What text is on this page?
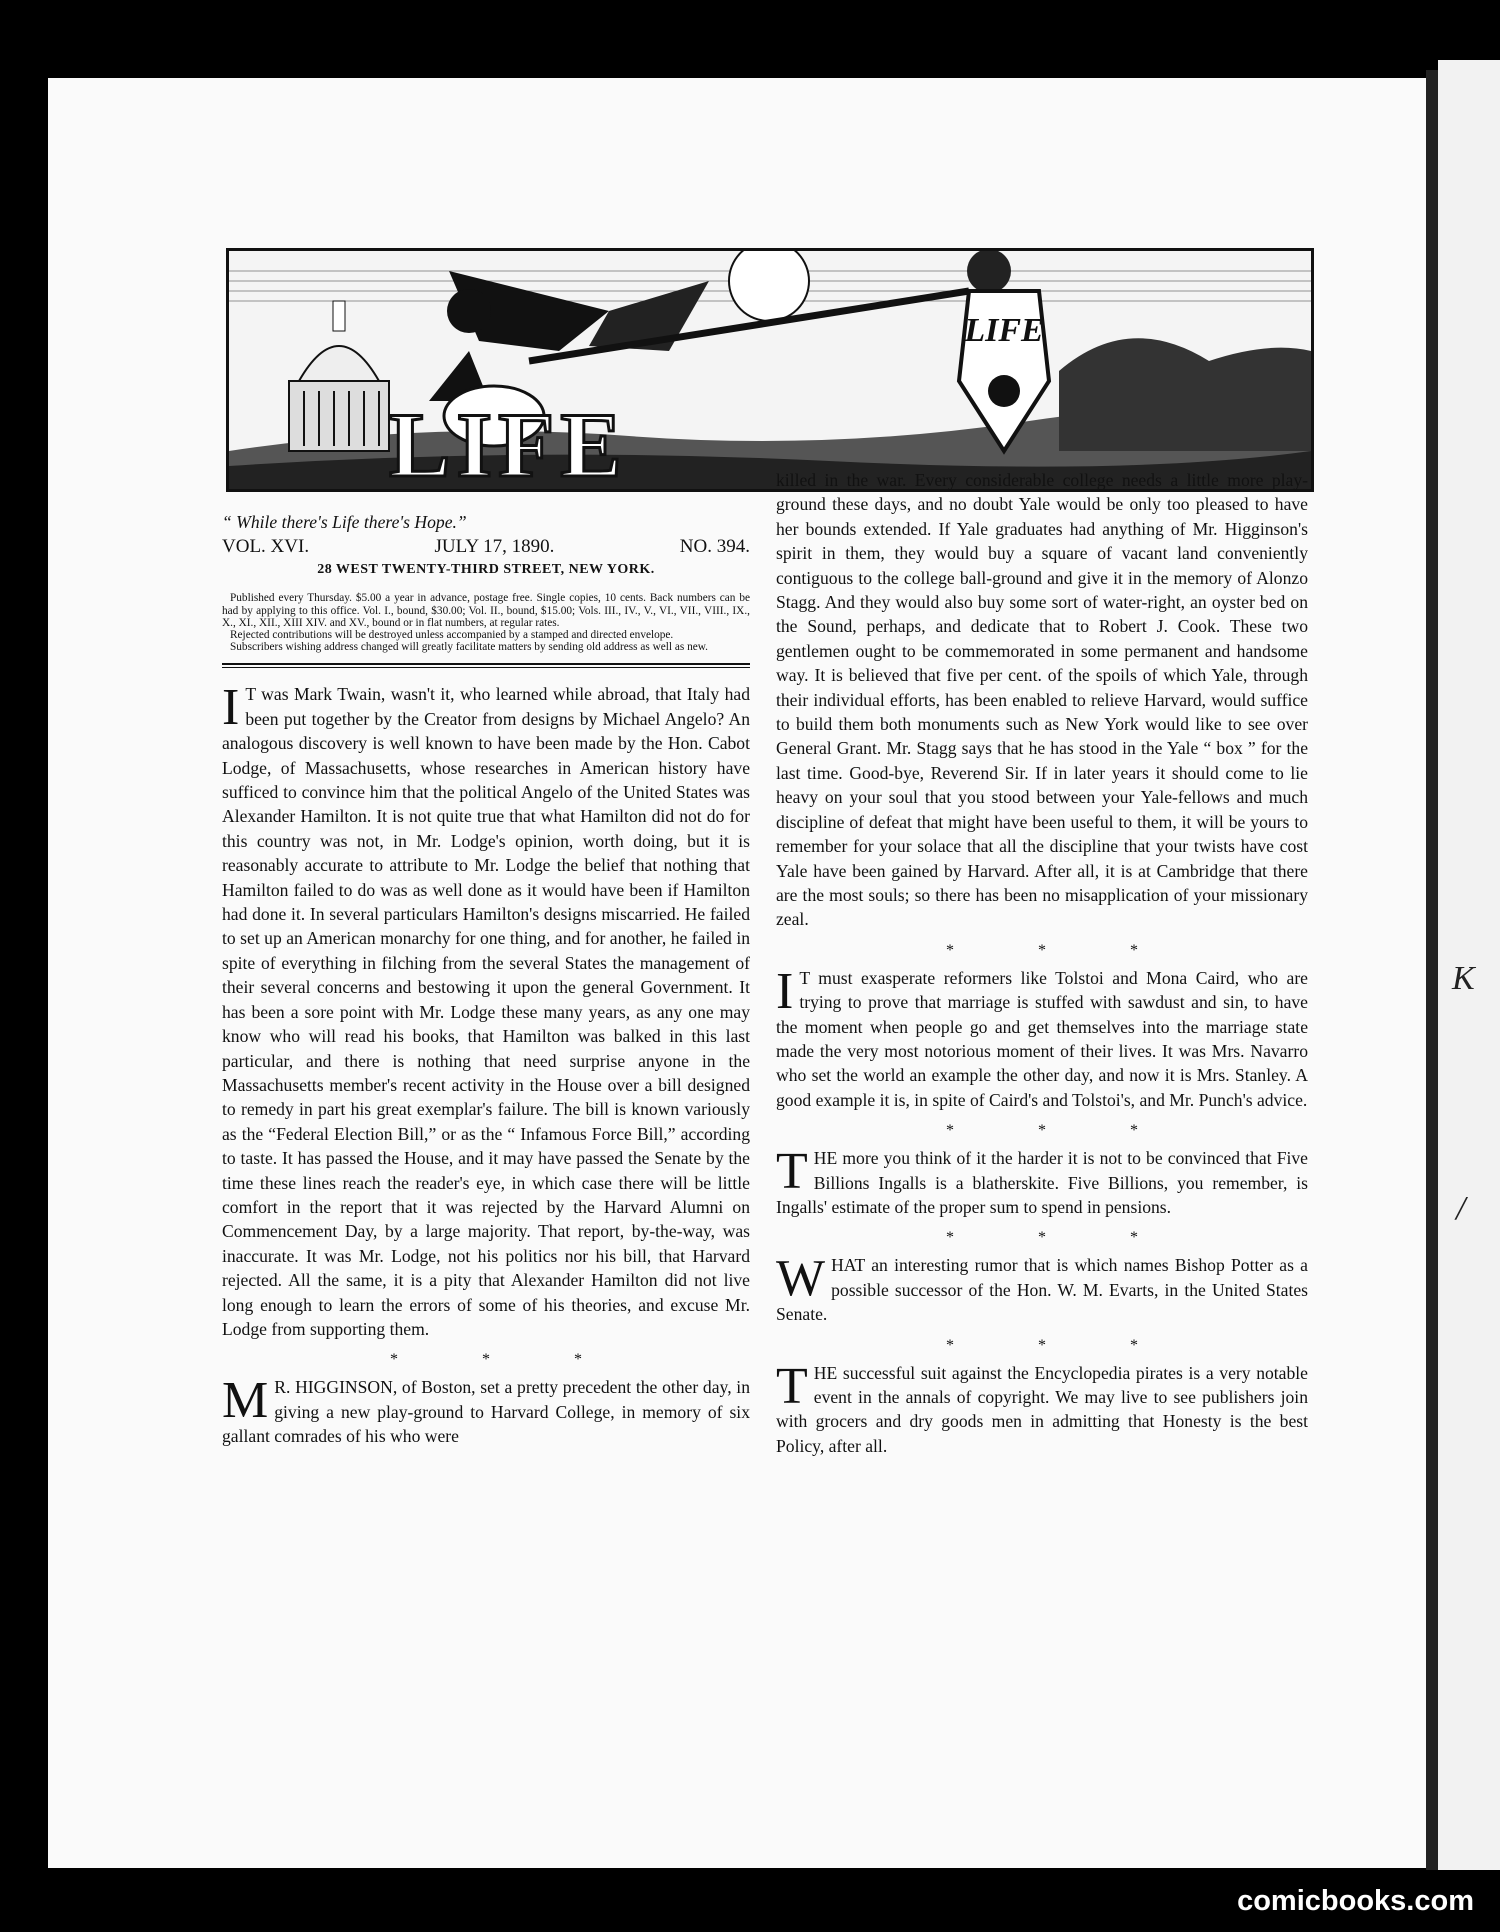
K
/
LIFE
LIFE

“ While there's Life there's Hope.”

VOL. XVI.	JULY 17, 1890.	NO. 394.
28 WEST TWENTY-THIRD STREET, NEW YORK.
Published every Thursday. $5.00 a year in advance, postage free. Single copies, 10 cents. Back numbers can be had by applying to this office. Vol. I., bound, $30.00; Vol. II., bound, $15.00; Vols. III., IV., V., VI., VII., VIII., IX., X., XI., XII., XIII XIV. and XV., bound or in flat numbers, at regular rates.
Rejected contributions will be destroyed unless accompanied by a stamped and directed envelope.
Subscribers wishing address changed will greatly facilitate matters by sending old address as well as new.

I T was Mark Twain, wasn't it, who learned while abroad, that Italy had been put together by the Creator from designs by Michael Angelo? An analogous discovery is well known to have been made by the Hon. Cabot Lodge, of Massachusetts, whose researches in American history have sufficed to convince him that the political Angelo of the United States was Alexander Hamilton. It is not quite true that what Hamilton did not do for this country was not, in Mr. Lodge's opinion, worth doing, but it is reasonably accurate to attribute to Mr. Lodge the belief that nothing that Hamilton failed to do was as well done as it would have been if Hamilton had done it. In several particulars Hamilton's designs miscarried. He failed to set up an American monarchy for one thing, and for another, he failed in spite of everything in filching from the several States the management of their several concerns and bestowing it upon the general Government. It has been a sore point with Mr. Lodge these many years, as any one may know who will read his books, that Hamilton was balked in this last particular, and there is nothing that need surprise anyone in the Massachusetts member's recent activity in the House over a bill designed to remedy in part his great exemplar's failure. The bill is known variously as the “Federal Election Bill,” or as the “ Infamous Force Bill,” according to taste. It has passed the House, and it may have passed the Senate by the time these lines reach the reader's eye, in which case there will be little comfort in the report that it was rejected by the Harvard Alumni on Commencement Day, by a large majority. That report, by-the-way, was inaccurate. It was Mr. Lodge, not his politics nor his bill, that Harvard rejected. All the same, it is a pity that Alexander Hamilton did not live long enough to learn the errors of some of his theories, and excuse Mr. Lodge from supporting them.

* * *

M R. HIGGINSON, of Boston, set a pretty precedent the other day, in giving a new play-ground to Harvard College, in memory of six gallant comrades of his who were

killed in the war. Every considerable college needs a little more play-ground these days, and no doubt Yale would be only too pleased to have her bounds extended. If Yale graduates had anything of Mr. Higginson's spirit in them, they would buy a square of vacant land conveniently contiguous to the college ball-ground and give it in the memory of Alonzo Stagg. And they would also buy some sort of water-right, an oyster bed on the Sound, perhaps, and dedicate that to Robert J. Cook. These two gentlemen ought to be commemorated in some permanent and handsome way. It is believed that five per cent. of the spoils of which Yale, through their individual efforts, has been enabled to relieve Harvard, would suffice to build them both monuments such as New York would like to see over General Grant. Mr. Stagg says that he has stood in the Yale “ box ” for the last time. Good-bye, Reverend Sir. If in later years it should come to lie heavy on your soul that you stood between your Yale-fellows and much discipline of defeat that might have been useful to them, it will be yours to remember for your solace that all the discipline that your twists have cost Yale have been gained by Harvard. After all, it is at Cambridge that there are the most souls; so there has been no misapplication of your missionary zeal.

* * *

I T must exasperate reformers like Tolstoi and Mona Caird, who are trying to prove that marriage is stuffed with sawdust and sin, to have the moment when people go and get themselves into the marriage state made the very most notorious moment of their lives. It was Mrs. Navarro who set the world an example the other day, and now it is Mrs. Stanley. A good example it is, in spite of Caird's and Tolstoi's, and Mr. Punch's advice.

* * *

THE more you think of it the harder it is not to be convinced that Five Billions Ingalls is a blatherskite. Five Billions, you remember, is Ingalls' estimate of the proper sum to spend in pensions.

* * *

WHAT an interesting rumor that is which names Bishop Potter as a possible successor of the Hon. W. M. Evarts, in the United States Senate.

* * *

THE successful suit against the Encyclopedia pirates is a very notable event in the annals of copyright. We may live to see publishers join with grocers and dry goods men in admitting that Honesty is the best Policy, after all.

comicbooks.com
